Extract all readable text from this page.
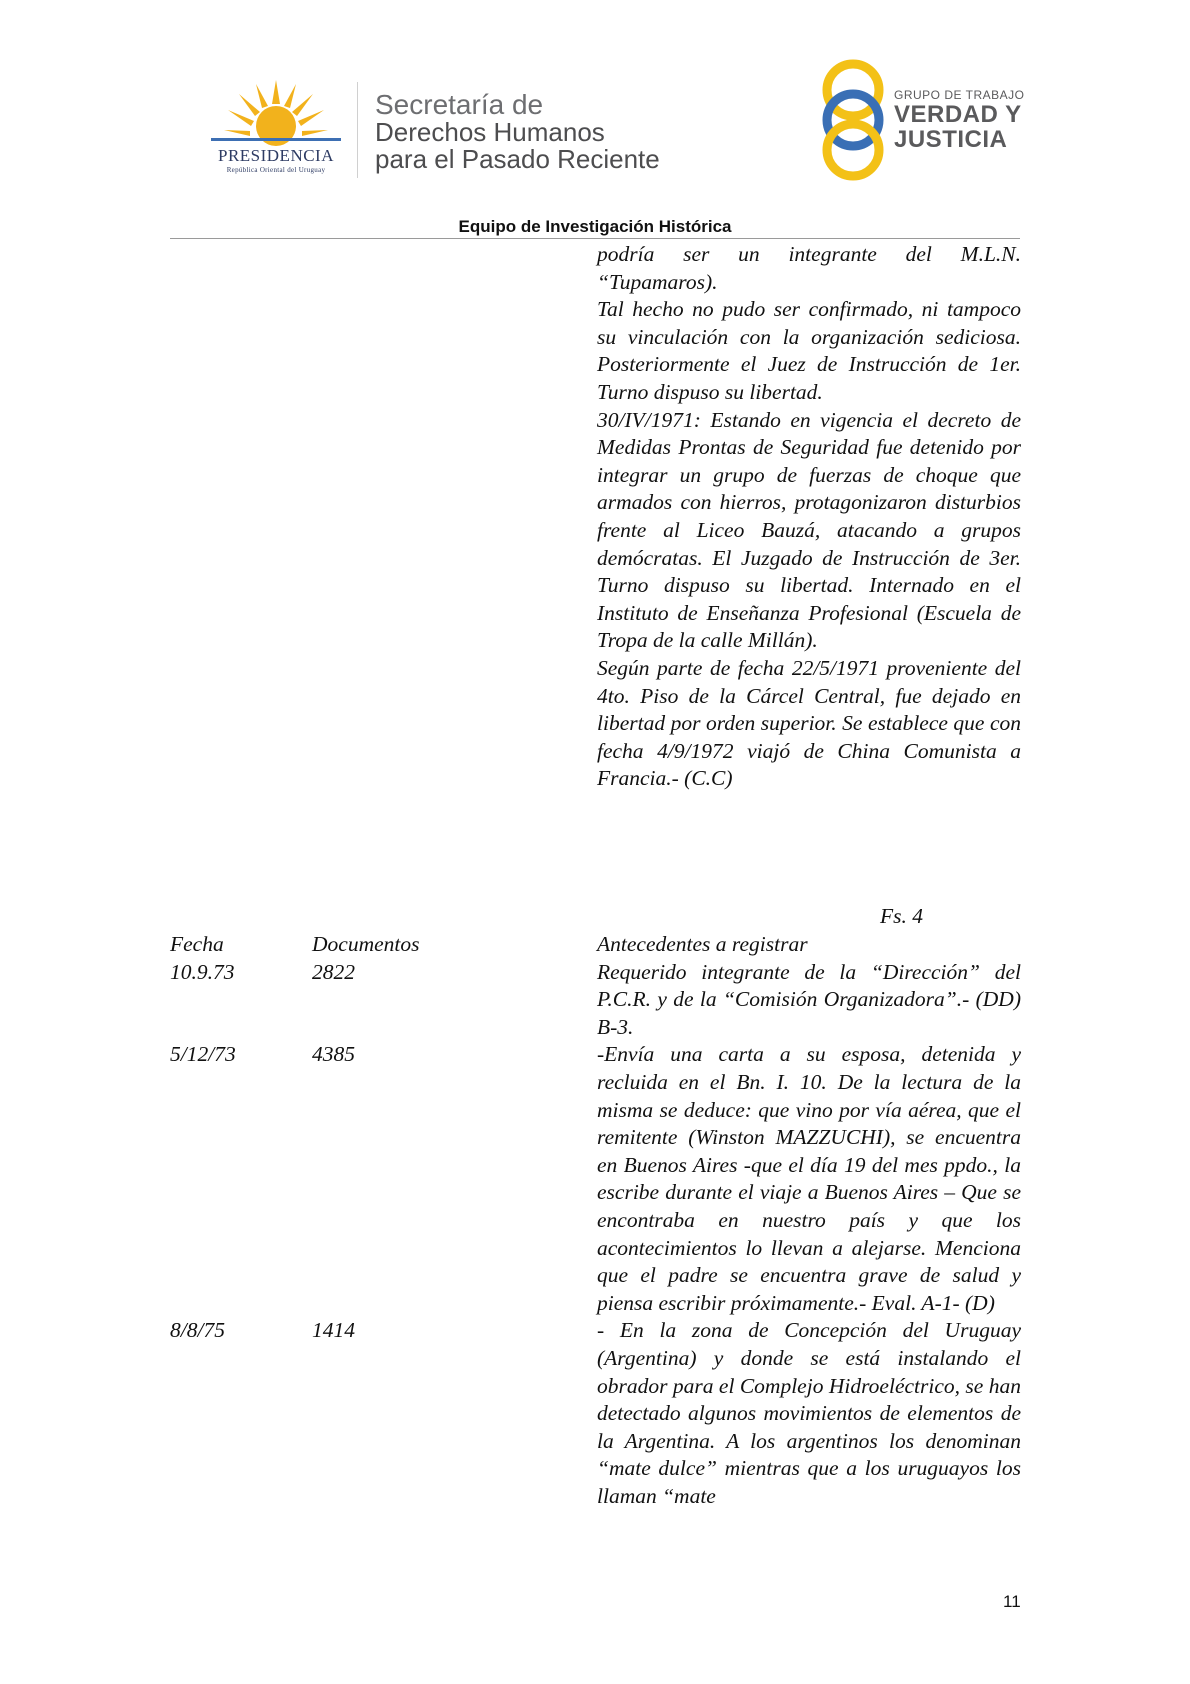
PRESIDENCIA
República Oriental del Uruguay
Secretaría de
Derechos Humanos
para el Pasado Reciente
GRUPO DE TRABAJO
VERDAD Y
JUSTICIA
Equipo de Investigación Histórica

podría ser un integrante del M.L.N. “Tupamaros).

Tal hecho no pudo ser confirmado, ni tampoco su vinculación con la organización sediciosa. Posteriormente el Juez de Instrucción de 1er. Turno dispuso su libertad.

30/IV/1971: Estando en vigencia el decreto de Medidas Prontas de Seguridad fue detenido por integrar un grupo de fuerzas de choque que armados con hierros, protagonizaron disturbios frente al Liceo Bauzá, atacando a grupos demócratas. El Juzgado de Instrucción de 3er. Turno dispuso su libertad. Internado en el Instituto de Enseñanza Profesional (Escuela de Tropa de la calle Millán).

Según parte de fecha 22/5/1971 proveniente del 4to. Piso de la Cárcel Central, fue dejado en libertad por orden superior. Se establece que con fecha 4/9/1972 viajó de China Comunista a Francia.- (C.C)

Fs. 4
Fecha	Documentos	Antecedentes a registrar
10.9.73	2822	Requerido integrante de la “Dirección” del P.C.R. y de la “Comisión Organizadora”.- (DD) B-3.
5/12/73	4385	-Envía una carta a su esposa, detenida y recluida en el Bn. I. 10. De la lectura de la misma se deduce: que vino por vía aérea, que el remitente (Winston MAZZUCHI), se encuentra en Buenos Aires -que el día 19 del mes ppdo., la escribe durante el viaje a Buenos Aires – Que se encontraba en nuestro país y que los acontecimientos lo llevan a alejarse. Menciona que el padre se encuentra grave de salud y piensa escribir próximamente.- Eval. A-1- (D)
8/8/75	1414	- En la zona de Concepción del Uruguay (Argentina) y donde se está instalando el obrador para el Complejo Hidroeléctrico, se han detectado algunos movimientos de elementos de la Argentina. A los argentinos los denominan “mate dulce” mientras que a los uruguayos los llaman “mate
11
